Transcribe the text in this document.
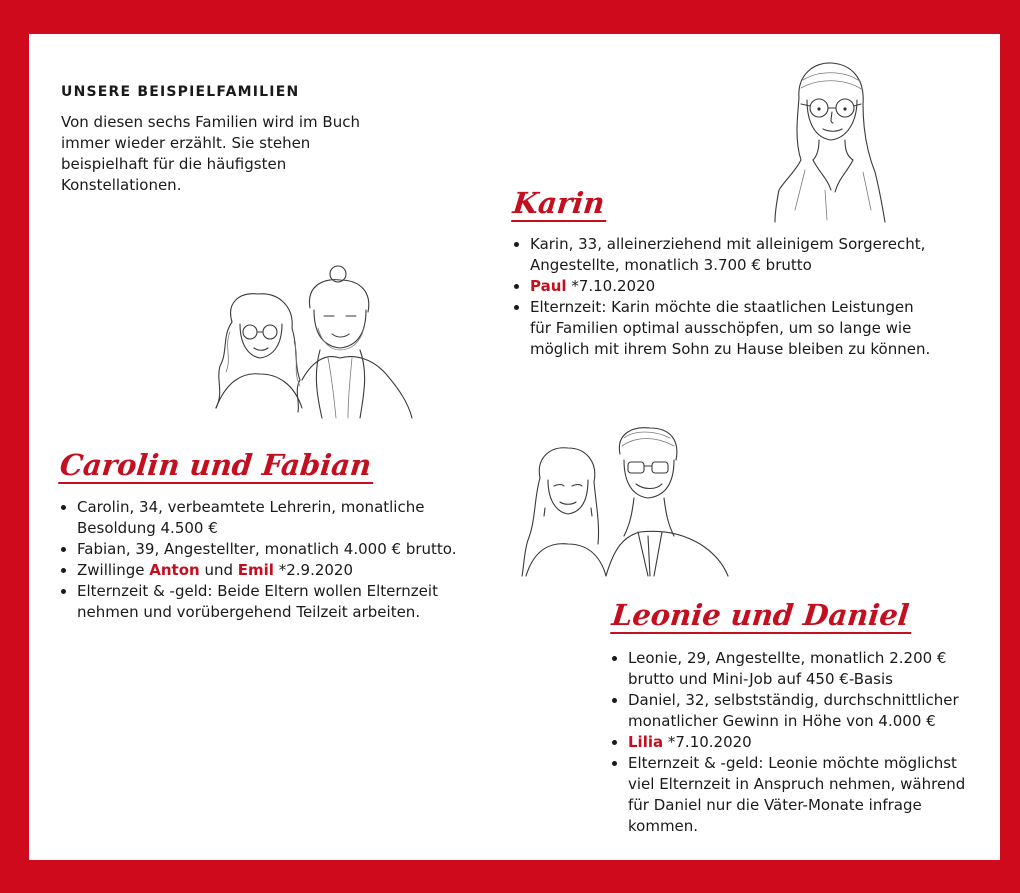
UNSERE BEISPIELFAMILIEN

Von diesen sechs Familien wird im Buch immer wieder erzählt. Sie stehen beispielhaft für die häufigsten Konstellationen.

Karin
• Karin, 33, alleinerziehend mit alleinigem Sorgerecht, Angestellte, monatlich 3.700 € brutto
• Paul *7.10.2020
• Elternzeit: Karin möchte die staatlichen Leistungen für Familien optimal ausschöpfen, um so lange wie möglich mit ihrem Sohn zu Hause bleiben zu können.
Carolin und Fabian
• Carolin, 34, verbeamtete Lehrerin, monatliche Besoldung 4.500 €
• Fabian, 39, Angestellter, monatlich 4.000 € brutto.
• Zwillinge Anton und Emil *2.9.2020
• Elternzeit & -geld: Beide Eltern wollen Elternzeit nehmen und vorübergehend Teilzeit arbeiten.	Leonie und Daniel
• Leonie, 29, Angestellte, monatlich 2.200 € brutto und Mini-Job auf 450 €-Basis
• Daniel, 32, selbstständig, durchschnittlicher monatlicher Gewinn in Höhe von 4.000 €
• Lilia *7.10.2020
• Elternzeit & -geld: Leonie möchte möglichst viel Elternzeit in Anspruch nehmen, während für Daniel nur die Väter-Monate infrage kommen.
